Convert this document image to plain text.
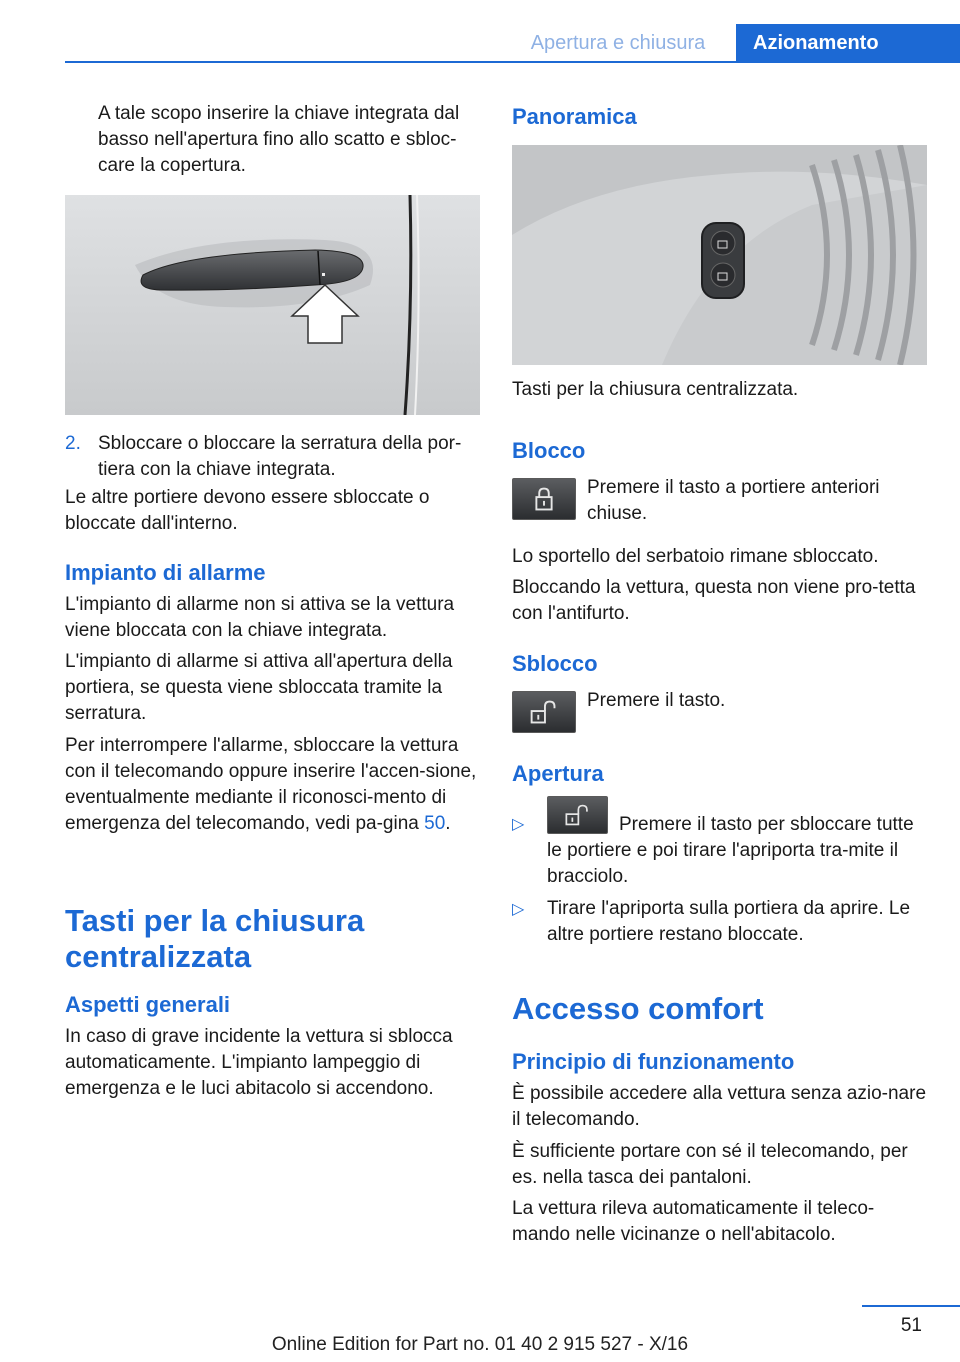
Apertura e chiusura	Azionamento
A tale scopo inserire la chiave integrata dal basso nell'apertura fino allo scatto e sbloc-care la copertura.
2. Sbloccare o bloccare la serratura della por-tiera con la chiave integrata.
Le altre portiere devono essere sbloccate o bloccate dall'interno.
Impianto di allarme
L'impianto di allarme non si attiva se la vettura viene bloccata con la chiave integrata.
L'impianto di allarme si attiva all'apertura della portiera, se questa viene sbloccata tramite la serratura.
Per interrompere l'allarme, sbloccare la vettura con il telecomando oppure inserire l'accen-sione, eventualmente mediante il riconosci-mento di emergenza del telecomando, vedi pa-gina 50.
Tasti per la chiusura centralizzata
Aspetti generali
In caso di grave incidente la vettura si sblocca automaticamente. L'impianto lampeggio di emergenza e le luci abitacolo si accendono.
Panoramica
Tasti per la chiusura centralizzata.
Blocco
Premere il tasto a portiere anteriori chiuse.
Lo sportello del serbatoio rimane sbloccato.
Bloccando la vettura, questa non viene pro-tetta con l'antifurto.
Sblocco
Premere il tasto.
Apertura
▷	Premere il tasto per sbloccare tutte le portiere e poi tirare l'apriporta tra-mite il bracciolo.
▷ Tirare l'apriporta sulla portiera da aprire. Le altre portiere restano bloccate.
Accesso comfort
Principio di funzionamento
È possibile accedere alla vettura senza azio-nare il telecomando.
È sufficiente portare con sé il telecomando, per es. nella tasca dei pantaloni.
La vettura rileva automaticamente il teleco-mando nelle vicinanze o nell'abitacolo.
51
Online Edition for Part no. 01 40 2 915 527 - X/16
